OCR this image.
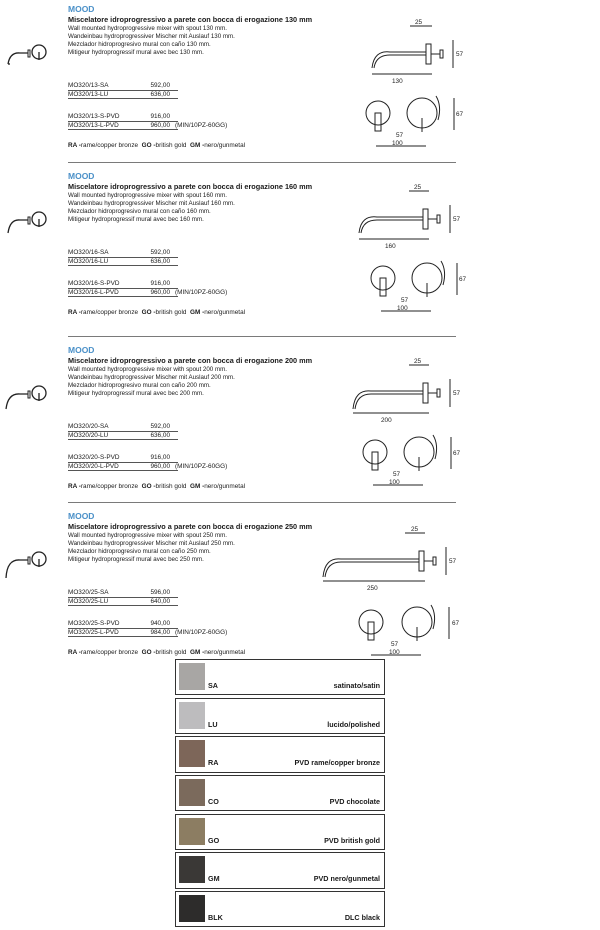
MOOD
Miscelatore idroprogressivo a parete con bocca di erogazione 130 mm
Wall mounted hydroprogressive mixer with spout 130 mm.
Wandeinbau hydroprogressiver Mischer mit Auslauf 130 mm.
Mezclador hidroprogresivo mural con caño 130 mm.
Mitigeur hydroprogressif mural avec bec 130 mm.
MO320/13-SA	592,00
MO320/13-LU	636,00
MO320/13-S-PVD	916,00
MO320/13-L-PVD	960,00 (MIN/10PZ-60GG)
RA -rame/copper bronze GO -british gold GM -nero/gunmetal
25
57
130
67
57
100
MOOD
Miscelatore idroprogressivo a parete con bocca di erogazione 160 mm
Wall mounted hydroprogressive mixer with spout 160 mm.
Wandeinbau hydroprogressiver Mischer mit Auslauf 160 mm.
Mezclador hidroprogresivo mural con caño 160 mm.
Mitigeur hydroprogressif mural avec bec 160 mm.
MO320/16-SA	592,00
MO320/16-LU	636,00
MO320/16-S-PVD	916,00
MO320/16-L-PVD	960,00 (MIN/10PZ-60GG)
RA -rame/copper bronze GO -british gold GM -nero/gunmetal
25
57
160
67
57
100
MOOD
Miscelatore idroprogressivo a parete con bocca di erogazione 200 mm
Wall mounted hydroprogressive mixer with spout 200 mm.
Wandeinbau hydroprogressiver Mischer mit Auslauf 200 mm.
Mezclador hidroprogresivo mural con caño 200 mm.
Mitigeur hydroprogressif mural avec bec 200 mm.
MO320/20-SA	592,00
MO320/20-LU	636,00
MO320/20-S-PVD	916,00
MO320/20-L-PVD	960,00 (MIN/10PZ-60GG)
RA -rame/copper bronze GO -british gold GM -nero/gunmetal
25
57
200
67
57
100
MOOD
Miscelatore idroprogressivo a parete con bocca di erogazione 250 mm
Wall mounted hydroprogressive mixer with spout 250 mm.
Wandeinbau hydroprogressiver Mischer mit Auslauf 250 mm.
Mezclador hidroprogresivo mural con caño 250 mm.
Mitigeur hydroprogressif mural avec bec 250 mm.
MO320/25-SA	596,00
MO320/25-LU	640,00
MO320/25-S-PVD	940,00
MO320/25-L-PVD	984,00 (MIN/10PZ-60GG)
RA -rame/copper bronze GO -british gold GM -nero/gunmetal
25
57
250
67
57
100
SA	satinato/satin
LU	lucido/polished
RA	PVD rame/copper bronze
CO	PVD chocolate
GO	PVD british gold
GM	PVD nero/gunmetal
BLK	DLC black
